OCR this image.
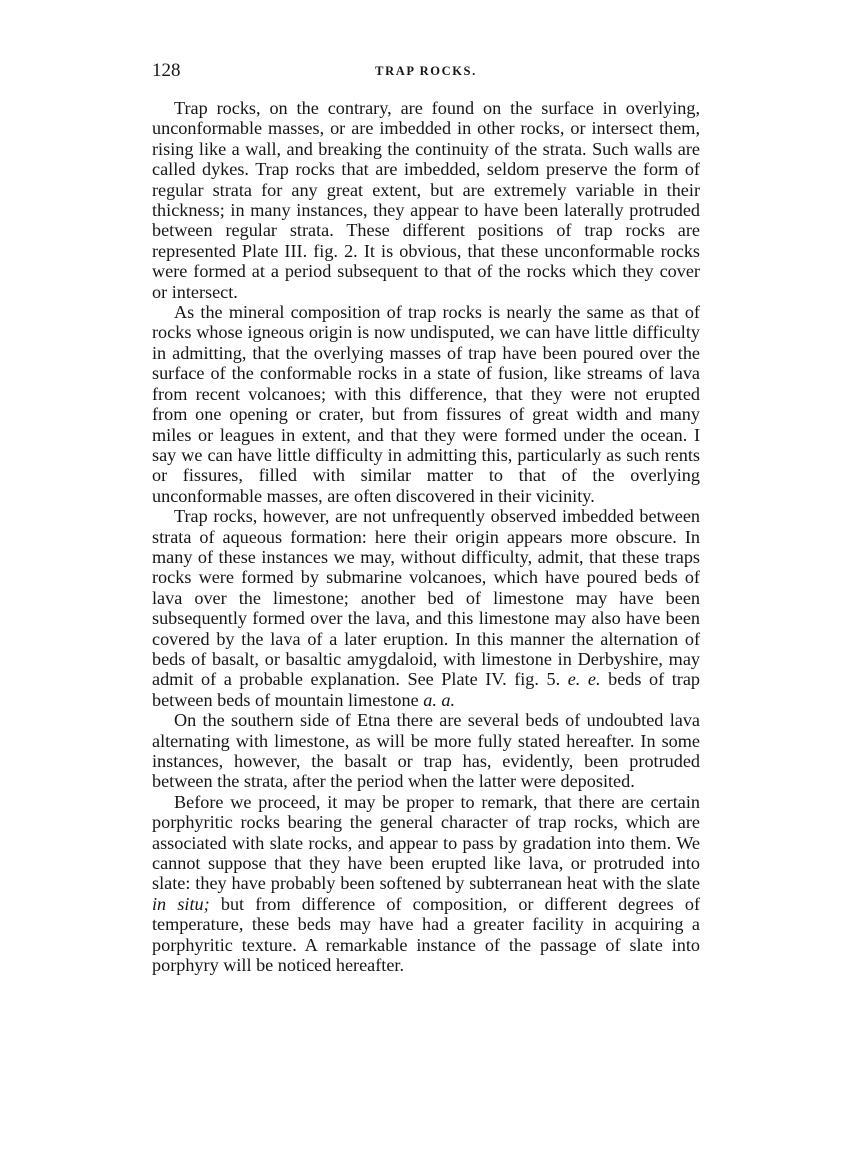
128	TRAP ROCKS.

Trap rocks, on the contrary, are found on the surface in overlying, unconformable masses, or are imbedded in other rocks, or intersect them, rising like a wall, and breaking the continuity of the strata. Such walls are called dykes. Trap rocks that are imbedded, seldom preserve the form of regular strata for any great extent, but are extremely variable in their thickness; in many instances, they appear to have been laterally protruded between regular strata. These different positions of trap rocks are represented Plate III. fig. 2. It is obvious, that these unconformable rocks were formed at a period subsequent to that of the rocks which they cover or intersect.

As the mineral composition of trap rocks is nearly the same as that of rocks whose igneous origin is now undisputed, we can have little difficulty in admitting, that the overlying masses of trap have been poured over the surface of the conformable rocks in a state of fusion, like streams of lava from recent volcanoes; with this difference, that they were not erupted from one opening or crater, but from fissures of great width and many miles or leagues in extent, and that they were formed under the ocean. I say we can have little difficulty in admitting this, particularly as such rents or fissures, filled with similar matter to that of the overlying unconformable masses, are often discovered in their vicinity.

Trap rocks, however, are not unfrequently observed imbedded between strata of aqueous formation: here their origin appears more obscure. In many of these instances we may, without difficulty, admit, that these traps rocks were formed by submarine volcanoes, which have poured beds of lava over the limestone; another bed of limestone may have been subsequently formed over the lava, and this limestone may also have been covered by the lava of a later eruption. In this manner the alternation of beds of basalt, or basaltic amygdaloid, with limestone in Derbyshire, may admit of a probable explanation. See Plate IV. fig. 5. e. e. beds of trap between beds of mountain limestone a. a.

On the southern side of Etna there are several beds of undoubted lava alternating with limestone, as will be more fully stated hereafter. In some instances, however, the basalt or trap has, evidently, been protruded between the strata, after the period when the latter were deposited.

Before we proceed, it may be proper to remark, that there are certain porphyritic rocks bearing the general character of trap rocks, which are associated with slate rocks, and appear to pass by gradation into them. We cannot suppose that they have been erupted like lava, or protruded into slate: they have probably been softened by subterranean heat with the slate in situ; but from difference of composition, or different degrees of temperature, these beds may have had a greater facility in acquiring a porphyritic texture. A remarkable instance of the passage of slate into porphyry will be noticed hereafter.
